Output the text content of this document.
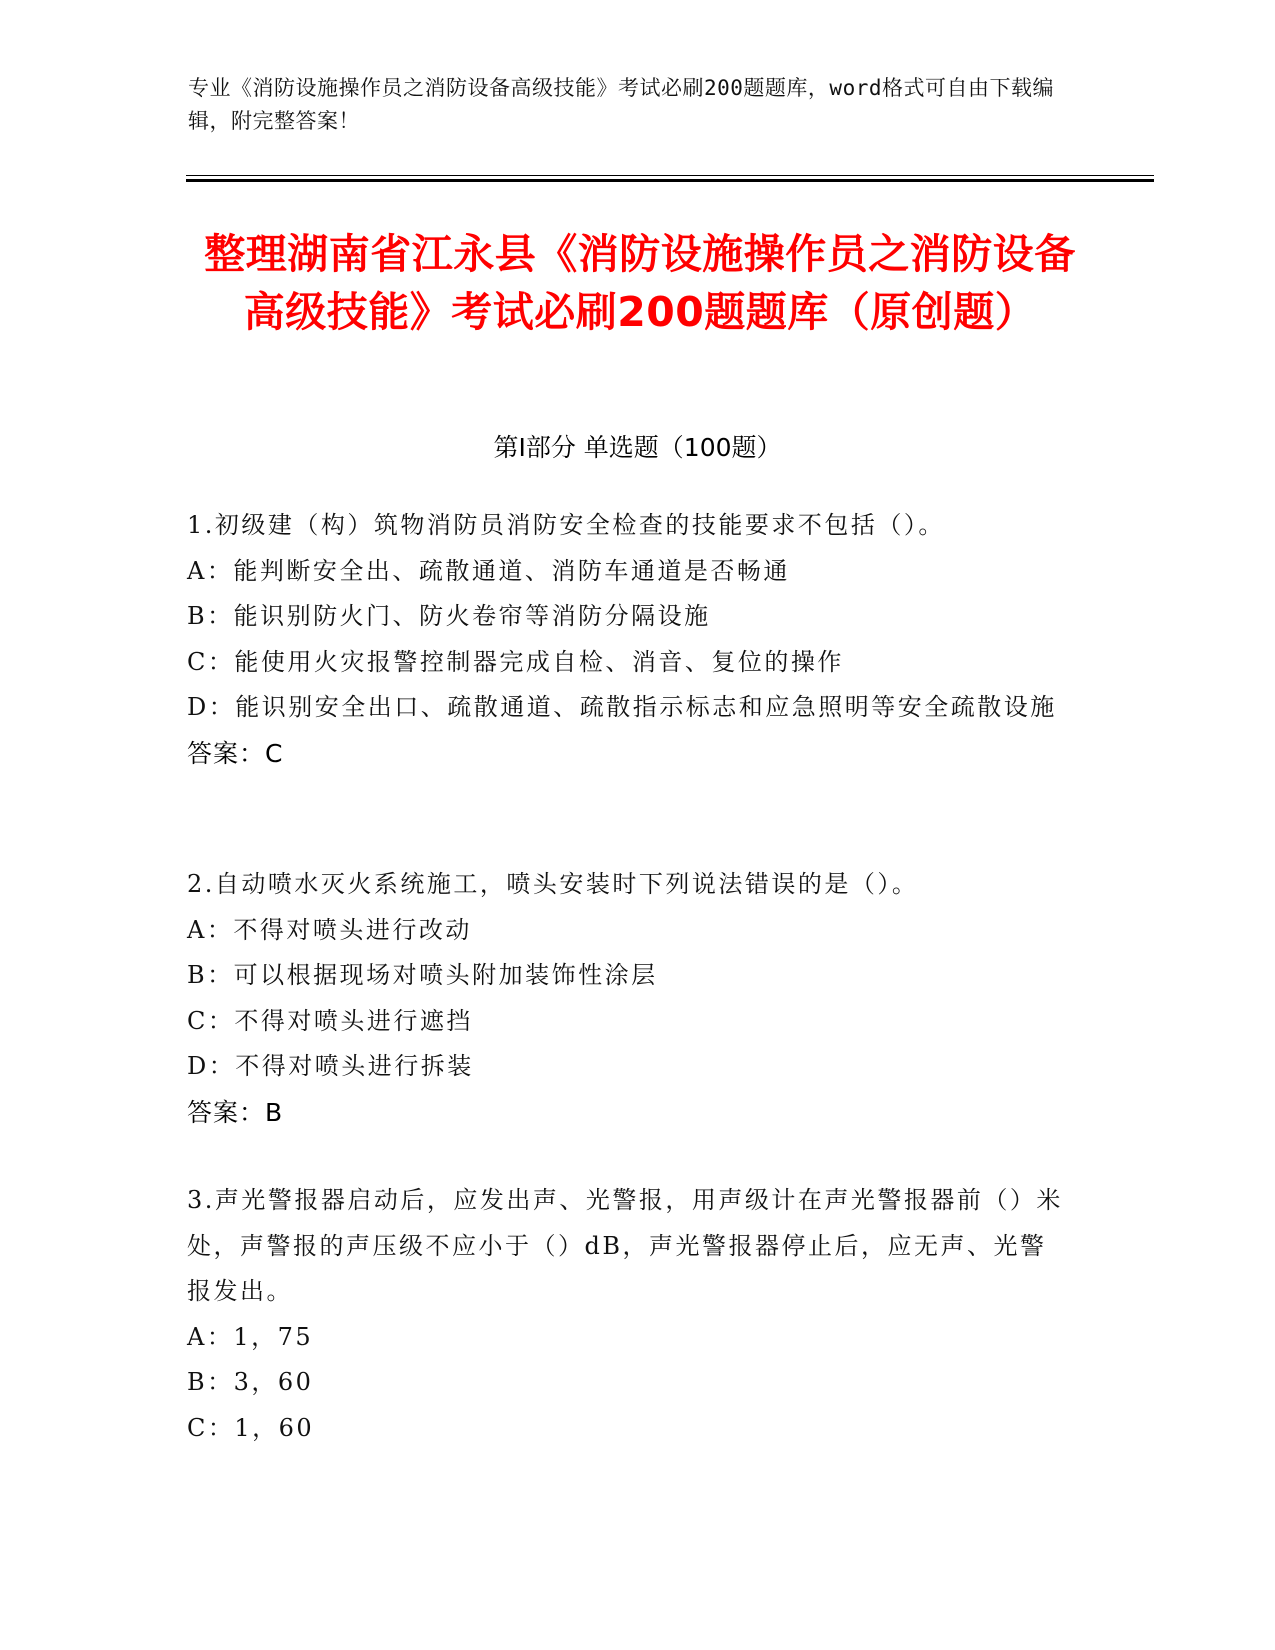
专业《消防设施操作员之消防设备高级技能》考试必刷200题题库，word格式可自由下载编辑，附完整答案！
整理湖南省江永县《消防设施操作员之消防设备高级技能》考试必刷200题题库（原创题）
第Ⅰ部分 单选题（100题）

1.初级建（构）筑物消防员消防安全检查的技能要求不包括（）。

A：能判断安全出、疏散通道、消防车通道是否畅通

B：能识别防火门、防火卷帘等消防分隔设施

C：能使用火灾报警控制器完成自检、消音、复位的操作

D：能识别安全出口、疏散通道、疏散指示标志和应急照明等安全疏散设施

答案：C

2.自动喷水灭火系统施工，喷头安装时下列说法错误的是（）。

A：不得对喷头进行改动

B：可以根据现场对喷头附加装饰性涂层

C：不得对喷头进行遮挡

D：不得对喷头进行拆装

答案：B

3.声光警报器启动后，应发出声、光警报，用声级计在声光警报器前（）米处，声警报的声压级不应小于（）dB，声光警报器停止后，应无声、光警报发出。

A：1，75

B：3，60

C：1，60
